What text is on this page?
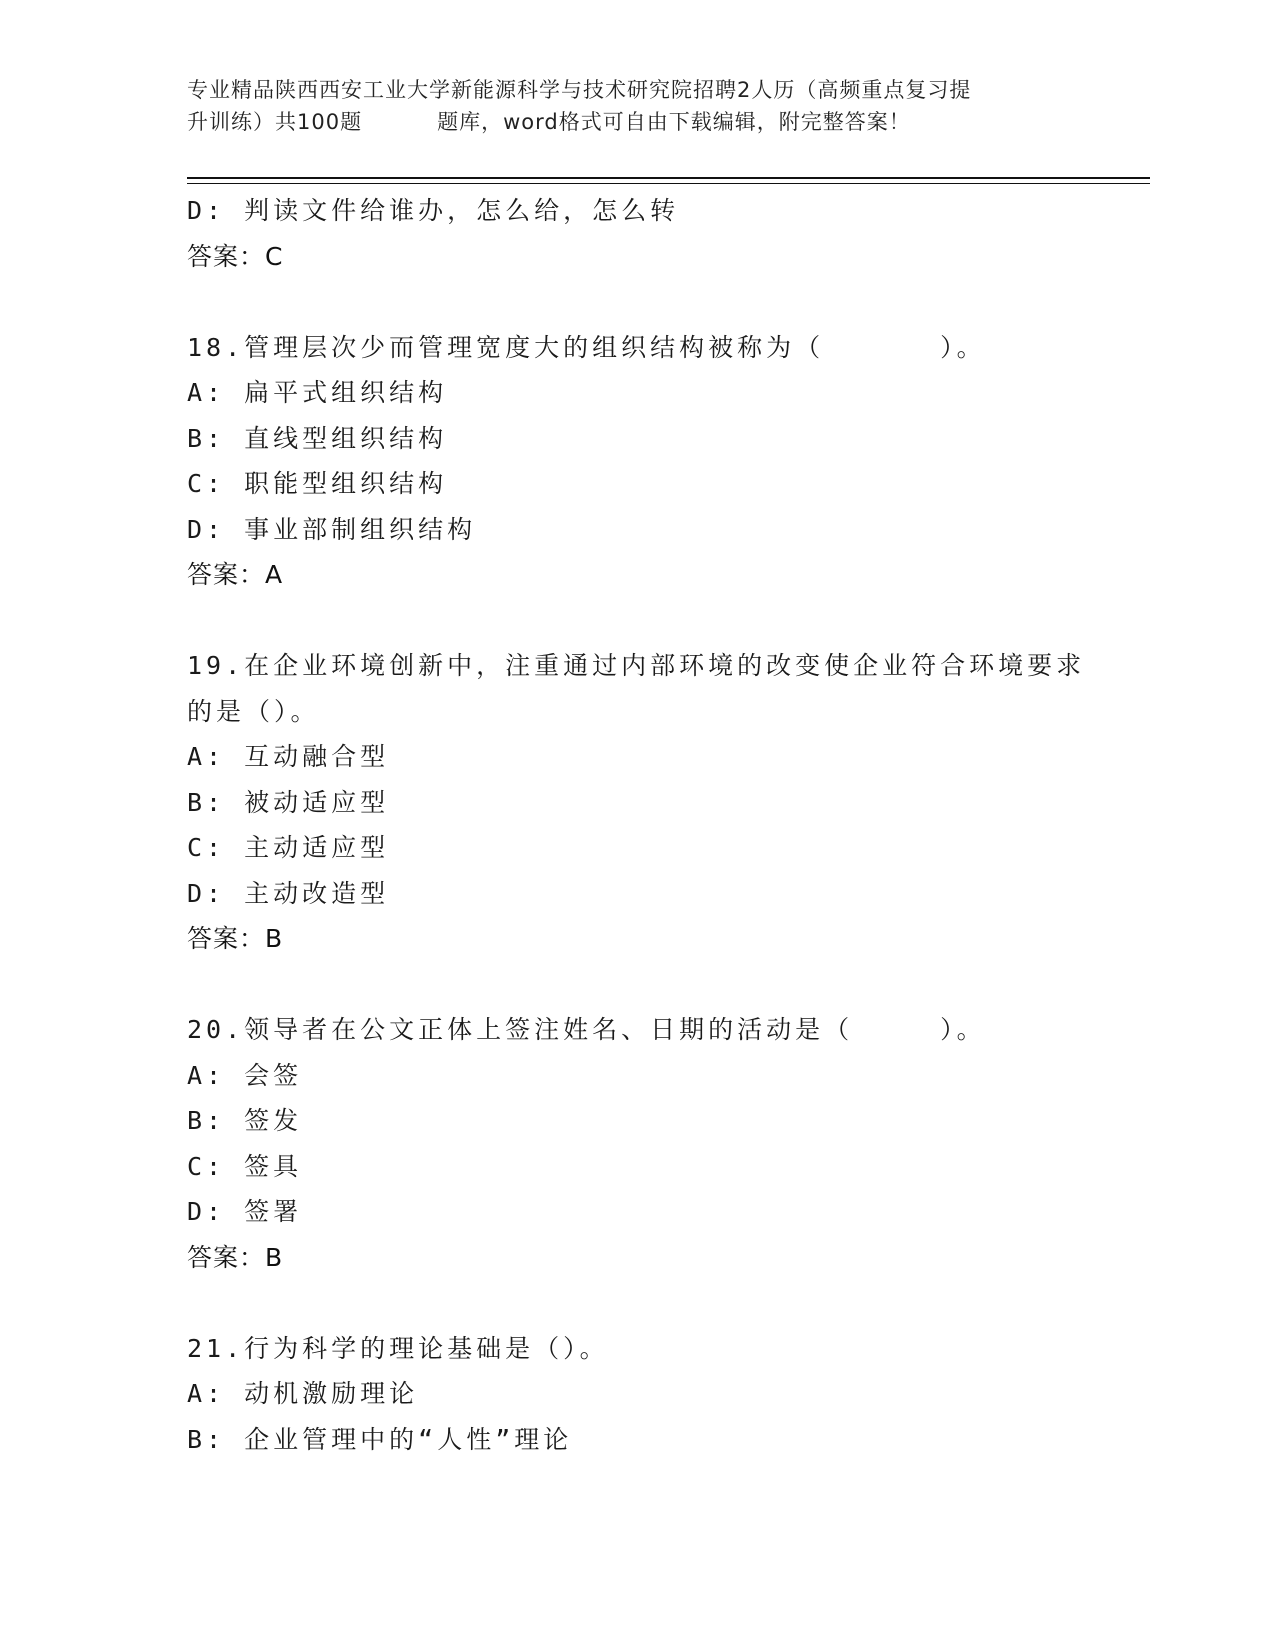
专业精品陕西西安工业大学新能源科学与技术研究院招聘2人历（高频重点复习提
升训练）共100题	题库，word格式可自由下载编辑，附完整答案！
D: 判读文件给谁办，怎么给，怎么转
答案：C
18.管理层次少而管理宽度大的组织结构被称为（　　　　）。
A: 扁平式组织结构
B: 直线型组织结构
C: 职能型组织结构
D: 事业部制组织结构
答案：A
19.在企业环境创新中，注重通过内部环境的改变使企业符合环境要求
的是（）。
A: 互动融合型
B: 被动适应型
C: 主动适应型
D: 主动改造型
答案：B
20.领导者在公文正体上签注姓名、日期的活动是（　　　）。
A: 会签
B: 签发
C: 签具
D: 签署
答案：B
21.行为科学的理论基础是（）。
A: 动机激励理论
B: 企业管理中的“人性”理论
